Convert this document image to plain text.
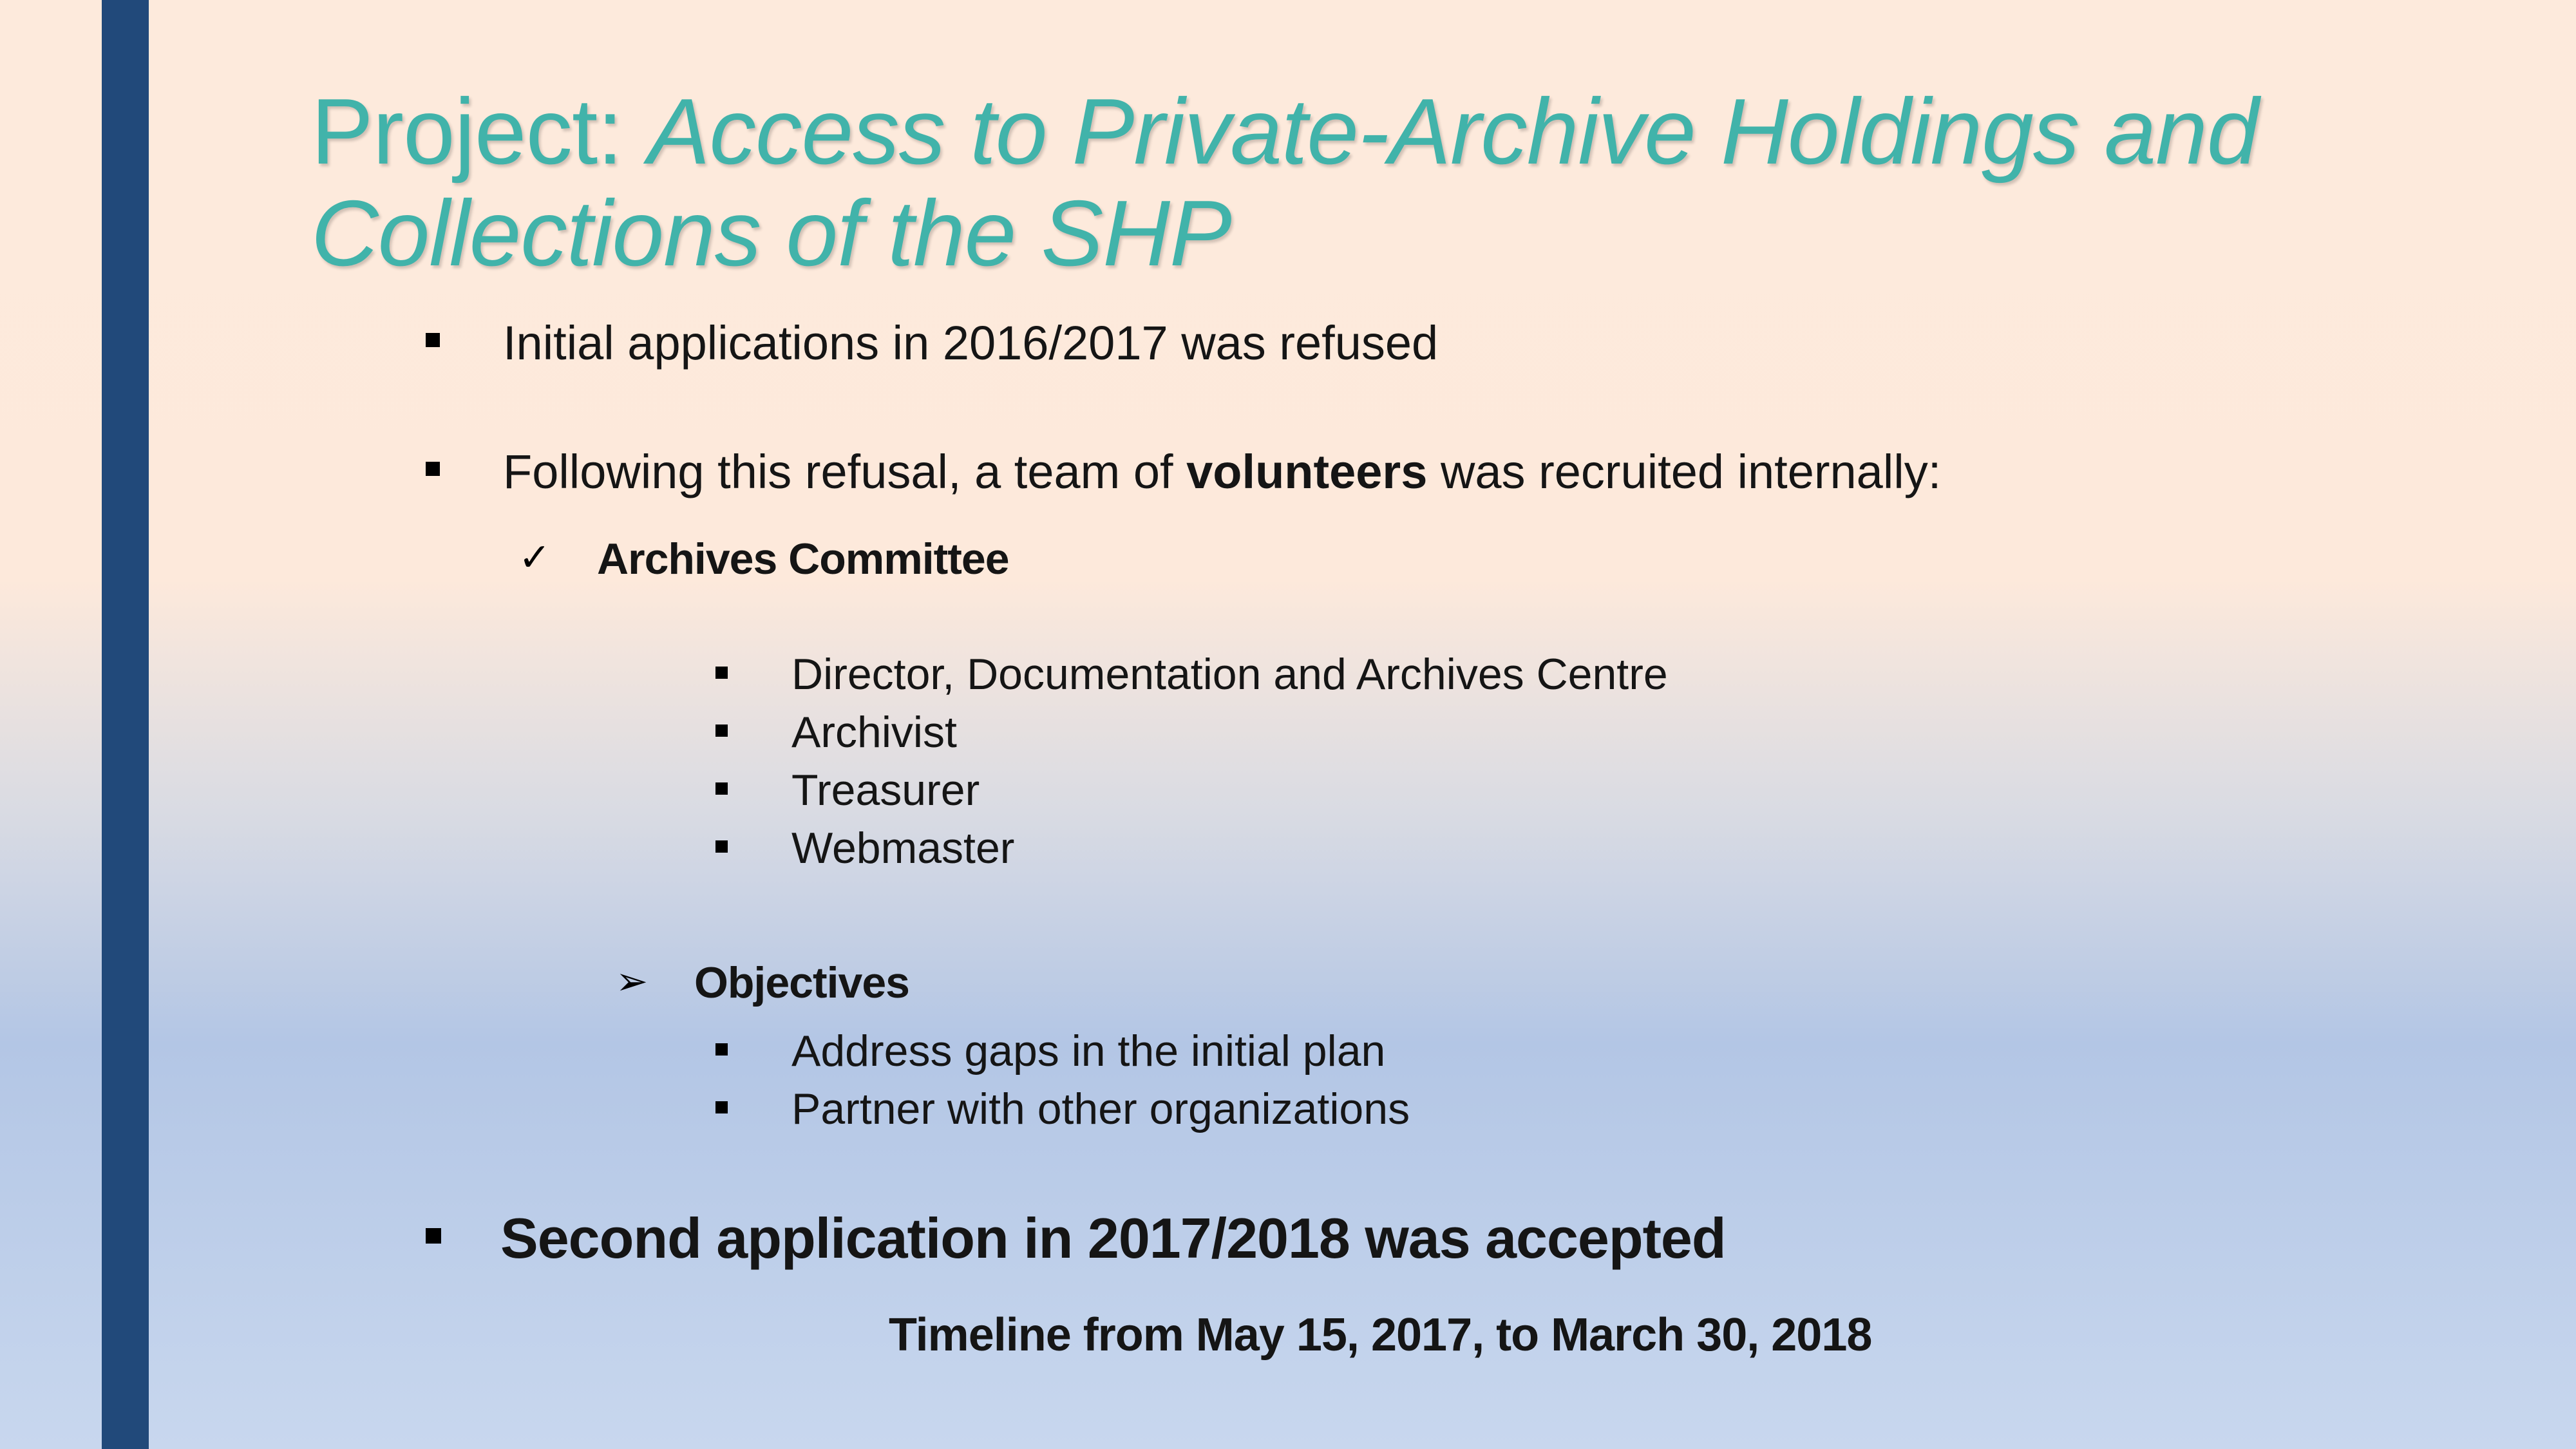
Project: Access to Private-Archive Holdings and
Collections of the SHP
Initial applications in 2016/2017 was refused
Following this refusal, a team of volunteers was recruited internally:
✓ Archives Committee
Director, Documentation and Archives Centre
Archivist
Treasurer
Webmaster
➢ Objectives
Address gaps in the initial plan
Partner with other organizations
Second application in 2017/2018 was accepted
Timeline from May 15, 2017, to March 30, 2018
